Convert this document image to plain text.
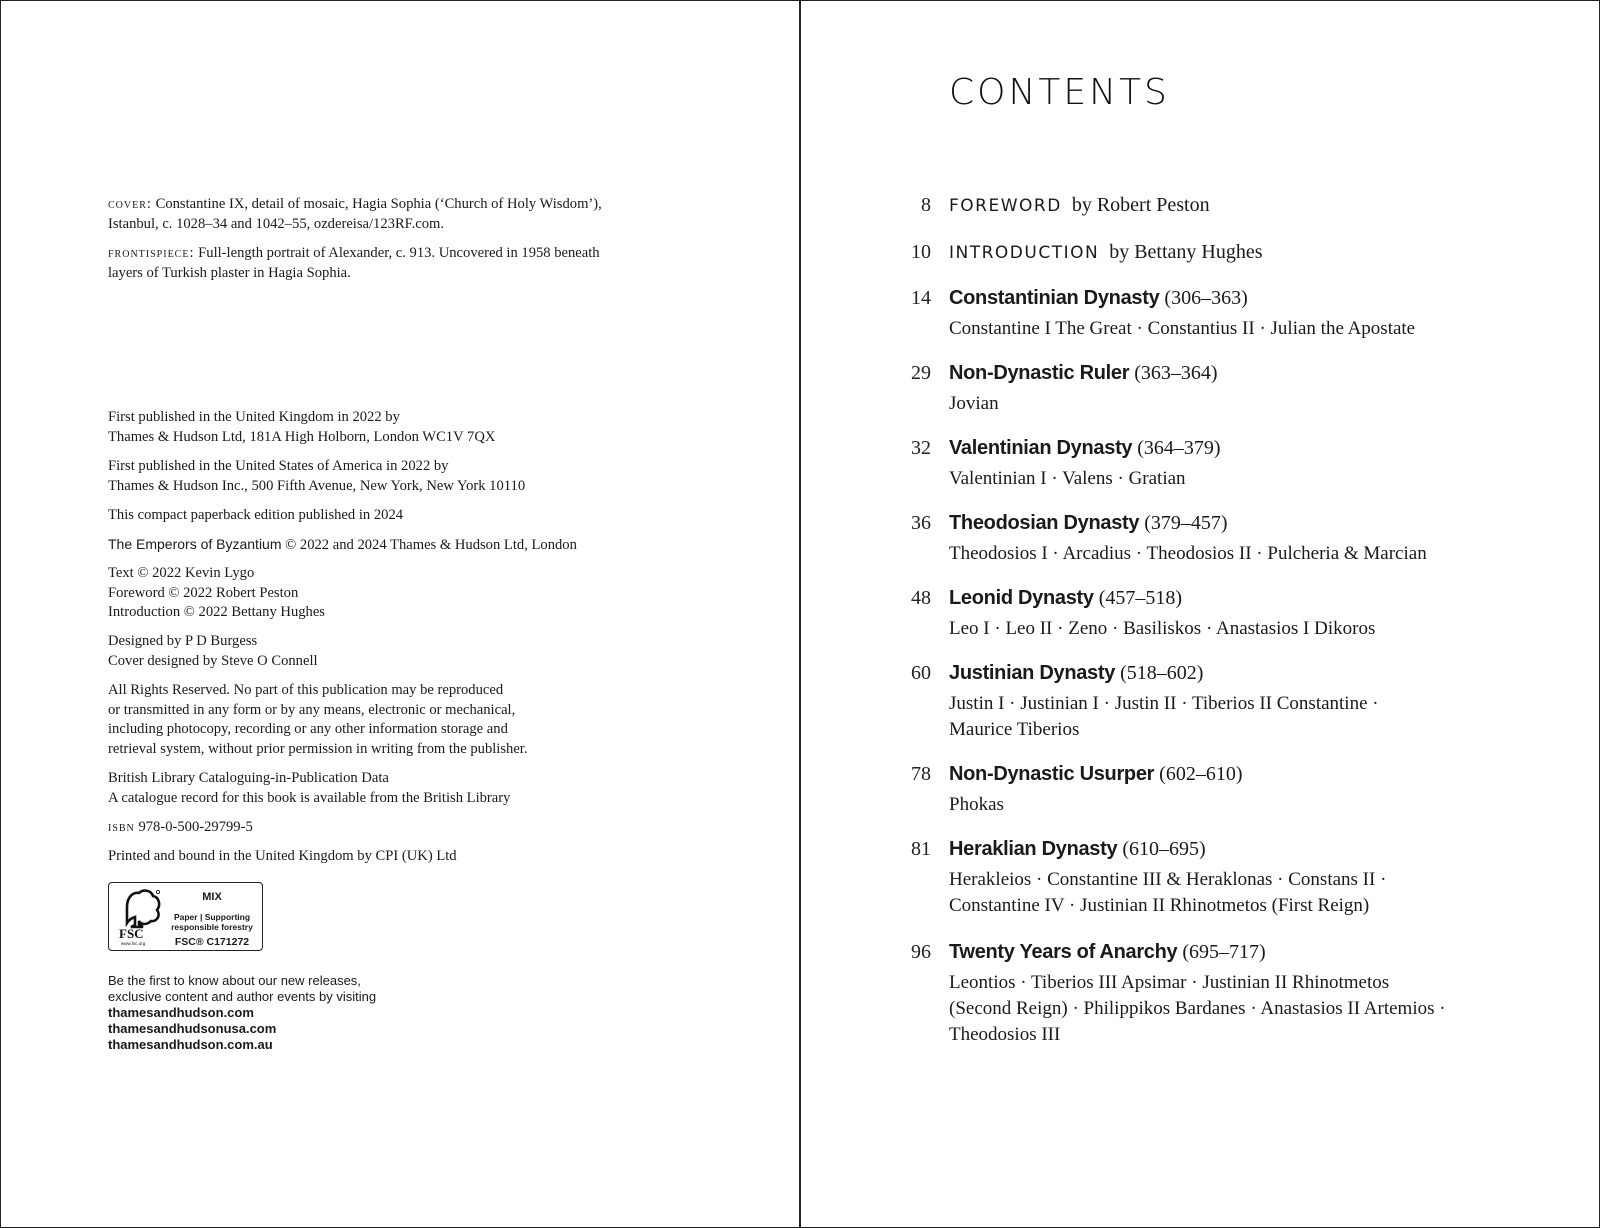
cover: Constantine IX, detail of mosaic, Hagia Sophia (‘Church of Holy Wisdom’),

Istanbul, c. 1028–34 and 1042–55, ozdereisa/123RF.com.

frontispiece: Full-length portrait of Alexander, c. 913. Uncovered in 1958 beneath

layers of Turkish plaster in Hagia Sophia.

First published in the United Kingdom in 2022 by

Thames & Hudson Ltd, 181A High Holborn, London WC1V 7QX

First published in the United States of America in 2022 by

Thames & Hudson Inc., 500 Fifth Avenue, New York, New York 10110

This compact paperback edition published in 2024

The Emperors of Byzantium © 2022 and 2024 Thames & Hudson Ltd, London

Text © 2022 Kevin Lygo

Foreword © 2022 Robert Peston

Introduction © 2022 Bettany Hughes

Designed by P D Burgess

Cover designed by Steve O Connell

All Rights Reserved. No part of this publication may be reproduced

or transmitted in any form or by any means, electronic or mechanical,

including photocopy, recording or any other information storage and

retrieval system, without prior permission in writing from the publisher.

British Library Cataloguing-in-Publication Data

A catalogue record for this book is available from the British Library

isbn 978-0-500-29799-5

Printed and bound in the United Kingdom by CPI (UK) Ltd

FSC
www.fsc.org
MIX
Paper | Supporting
responsible forestry
FSC® C171272
Be the first to know about our new releases,
exclusive content and author events by visiting
thamesandhudson.com
thamesandhudsonusa.com
thamesandhudson.com.au
CONTENTS
8 FOREWORD by Robert Peston
10 INTRODUCTION by Bettany Hughes
14 Constantinian Dynasty (306–363)
Constantine I The Great · Constantius II · Julian the Apostate
29 Non-Dynastic Ruler (363–364)
Jovian
32 Valentinian Dynasty (364–379)
Valentinian I · Valens · Gratian
36 Theodosian Dynasty (379–457)
Theodosios I · Arcadius · Theodosios II · Pulcheria & Marcian
48 Leonid Dynasty (457–518)
Leo I · Leo II · Zeno · Basiliskos · Anastasios I Dikoros
60 Justinian Dynasty (518–602)
Justin I · Justinian I · Justin II · Tiberios II Constantine ·
Maurice Tiberios
78 Non-Dynastic Usurper (602–610)
Phokas
81 Heraklian Dynasty (610–695)
Herakleios · Constantine III & Heraklonas · Constans II ·
Constantine IV · Justinian II Rhinotmetos (First Reign)
96 Twenty Years of Anarchy (695–717)
Leontios · Tiberios III Apsimar · Justinian II Rhinotmetos
(Second Reign) · Philippikos Bardanes · Anastasios II Artemios ·
Theodosios III
